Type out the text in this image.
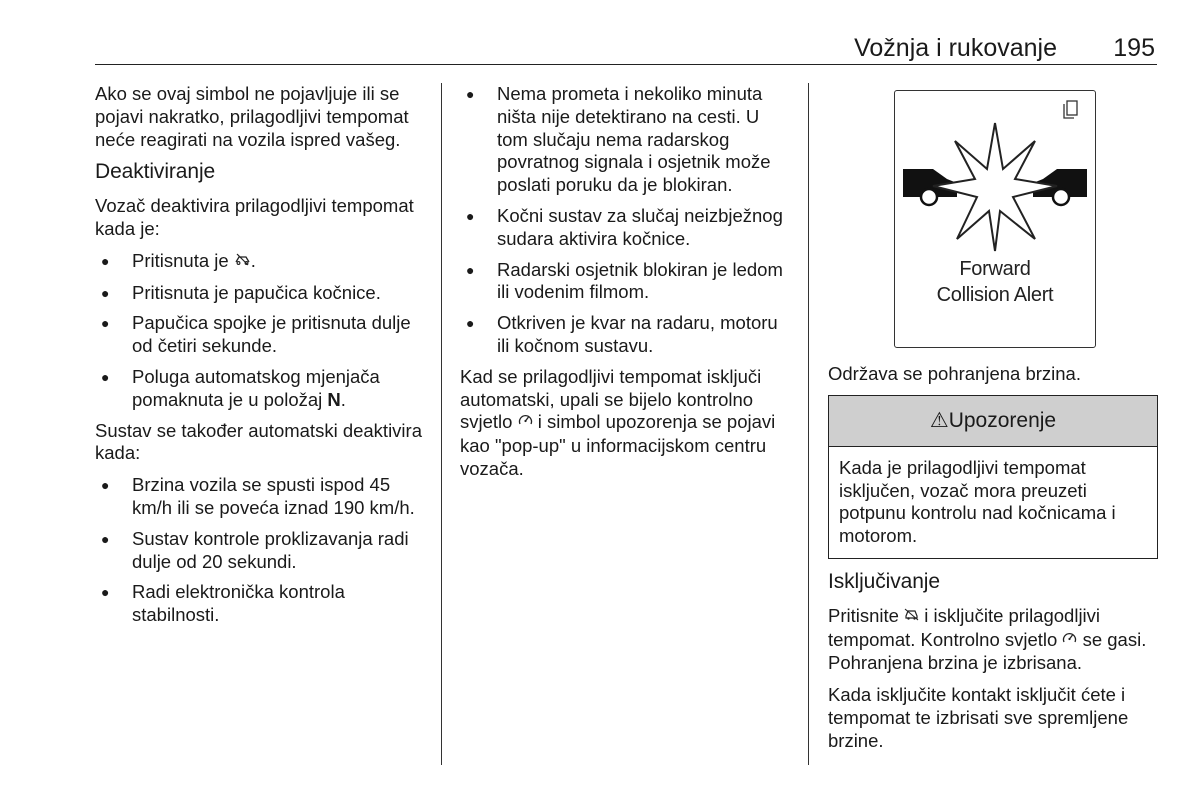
Vožnja i rukovanje 195

Ako se ovaj simbol ne pojavljuje ili se pojavi nakratko, prilagodljivi tempomat neće reagirati na vozila ispred vašeg.

Deaktiviranje

Vozač deaktivira prilagodljivi tempomat kada je:

● Pritisnuta je .
● Pritisnuta je papučica kočnice.
● Papučica spojke je pritisnuta dulje od četiri sekunde.
● Poluga automatskog mjenjača pomaknuta je u položaj N.

Sustav se također automatski deaktivira kada:

● Brzina vozila se spusti ispod 45 km/h ili se poveća iznad 190 km/h.
● Sustav kontrole proklizavanja radi dulje od 20 sekundi.
● Radi elektronička kontrola stabilnosti.
● Nema prometa i nekoliko minuta ništa nije detektirano na cesti. U tom slučaju nema radarskog povratnog signala i osjetnik može poslati poruku da je blokiran.
● Kočni sustav za slučaj neizbježnog sudara aktivira kočnice.
● Radarski osjetnik blokiran je ledom ili vodenim filmom.
● Otkriven je kvar na radaru, motoru ili kočnom sustavu.

Kad se prilagodljivi tempomat isključi automatski, upali se bijelo kontrolno svjetlo  i simbol upozorenja se pojavi kao "pop-up" u informacijskom centru vozača.

Forward
Collision Alert

Održava se pohranjena brzina.

⚠Upozorenje
Kada je prilagodljivi tempomat isključen, vozač mora preuzeti potpunu kontrolu nad kočnicama i motorom.
Isključivanje

Pritisnite  i isključite prilagodljivi tempomat. Kontrolno svjetlo  se gasi. Pohranjena brzina je izbrisana.

Kada isključite kontakt isključit ćete i tempomat te izbrisati sve spremljene brzine.
